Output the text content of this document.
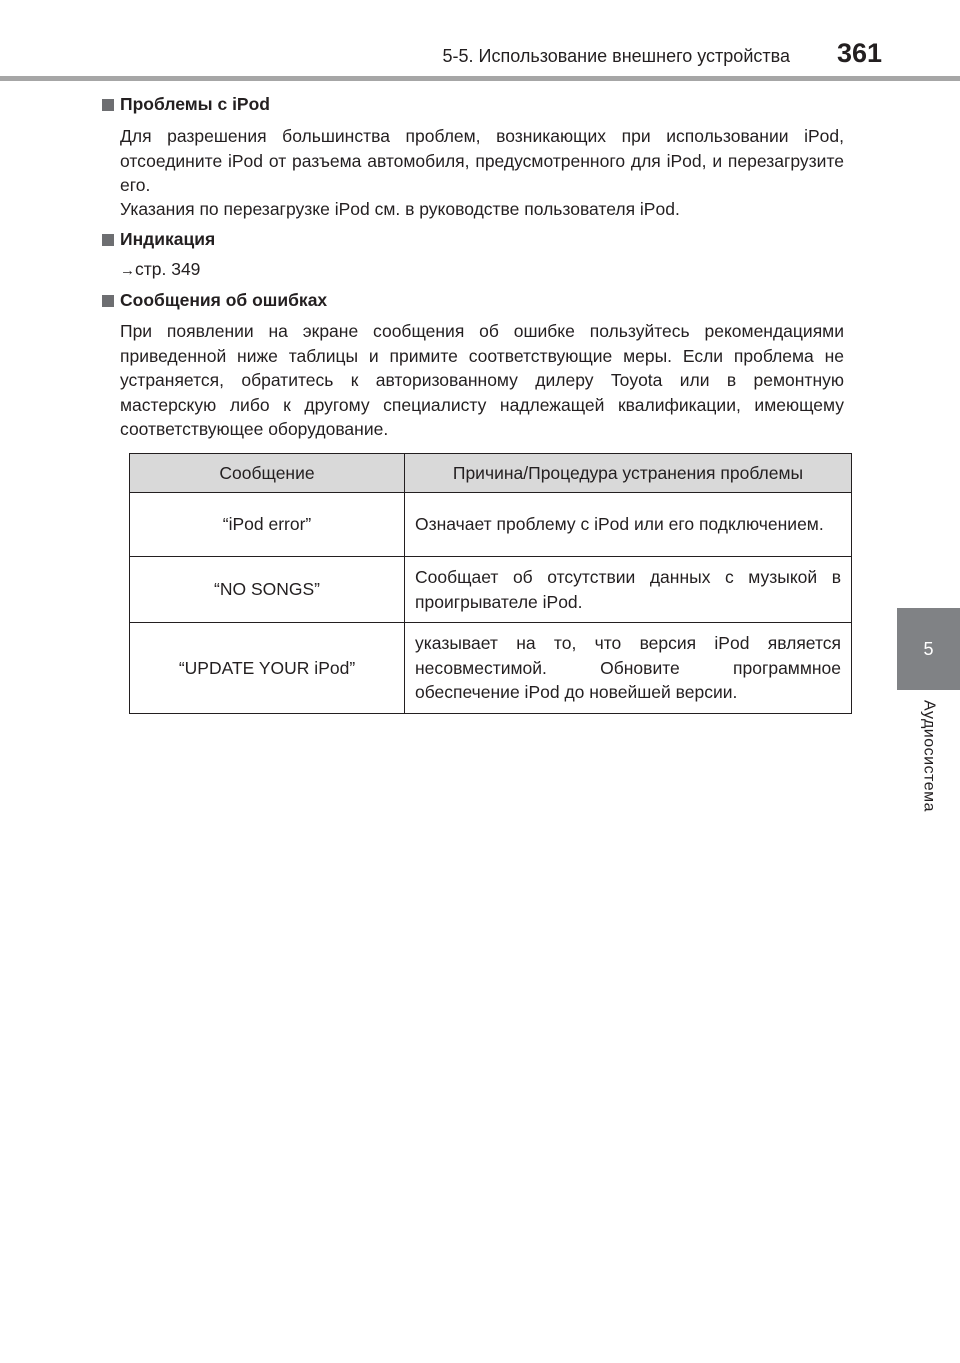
5-5. Использование внешнего устройства 361
5
Аудиосистема
Проблемы с iPod
Для разрешения большинства проблем, возникающих при использовании iPod, отсоедините iPod от разъема автомобиля, предусмотренного для iPod, и перезагрузите его.
Указания по перезагрузке iPod см. в руководстве пользователя iPod.
Индикация
→стр. 349
Сообщения об ошибках
При появлении на экране сообщения об ошибке пользуйтесь рекомендациями приведенной ниже таблицы и примите соответствующие меры. Если проблема не устраняется, обратитесь к авторизованному дилеру Toyota или в ремонтную мастерскую либо к другому специалисту надлежащей квалификации, имеющему соответствующее оборудование.
Сообщение	Причина/Процедура устранения проблемы
“iPod error”	Означает проблему с iPod или его подключением.
“NO SONGS”	Сообщает об отсутствии данных с музыкой в проигрывателе iPod.
“UPDATE YOUR iPod”	указывает на то, что версия iPod является несовместимой. Обновите программное обеспечение iPod до новейшей версии.
